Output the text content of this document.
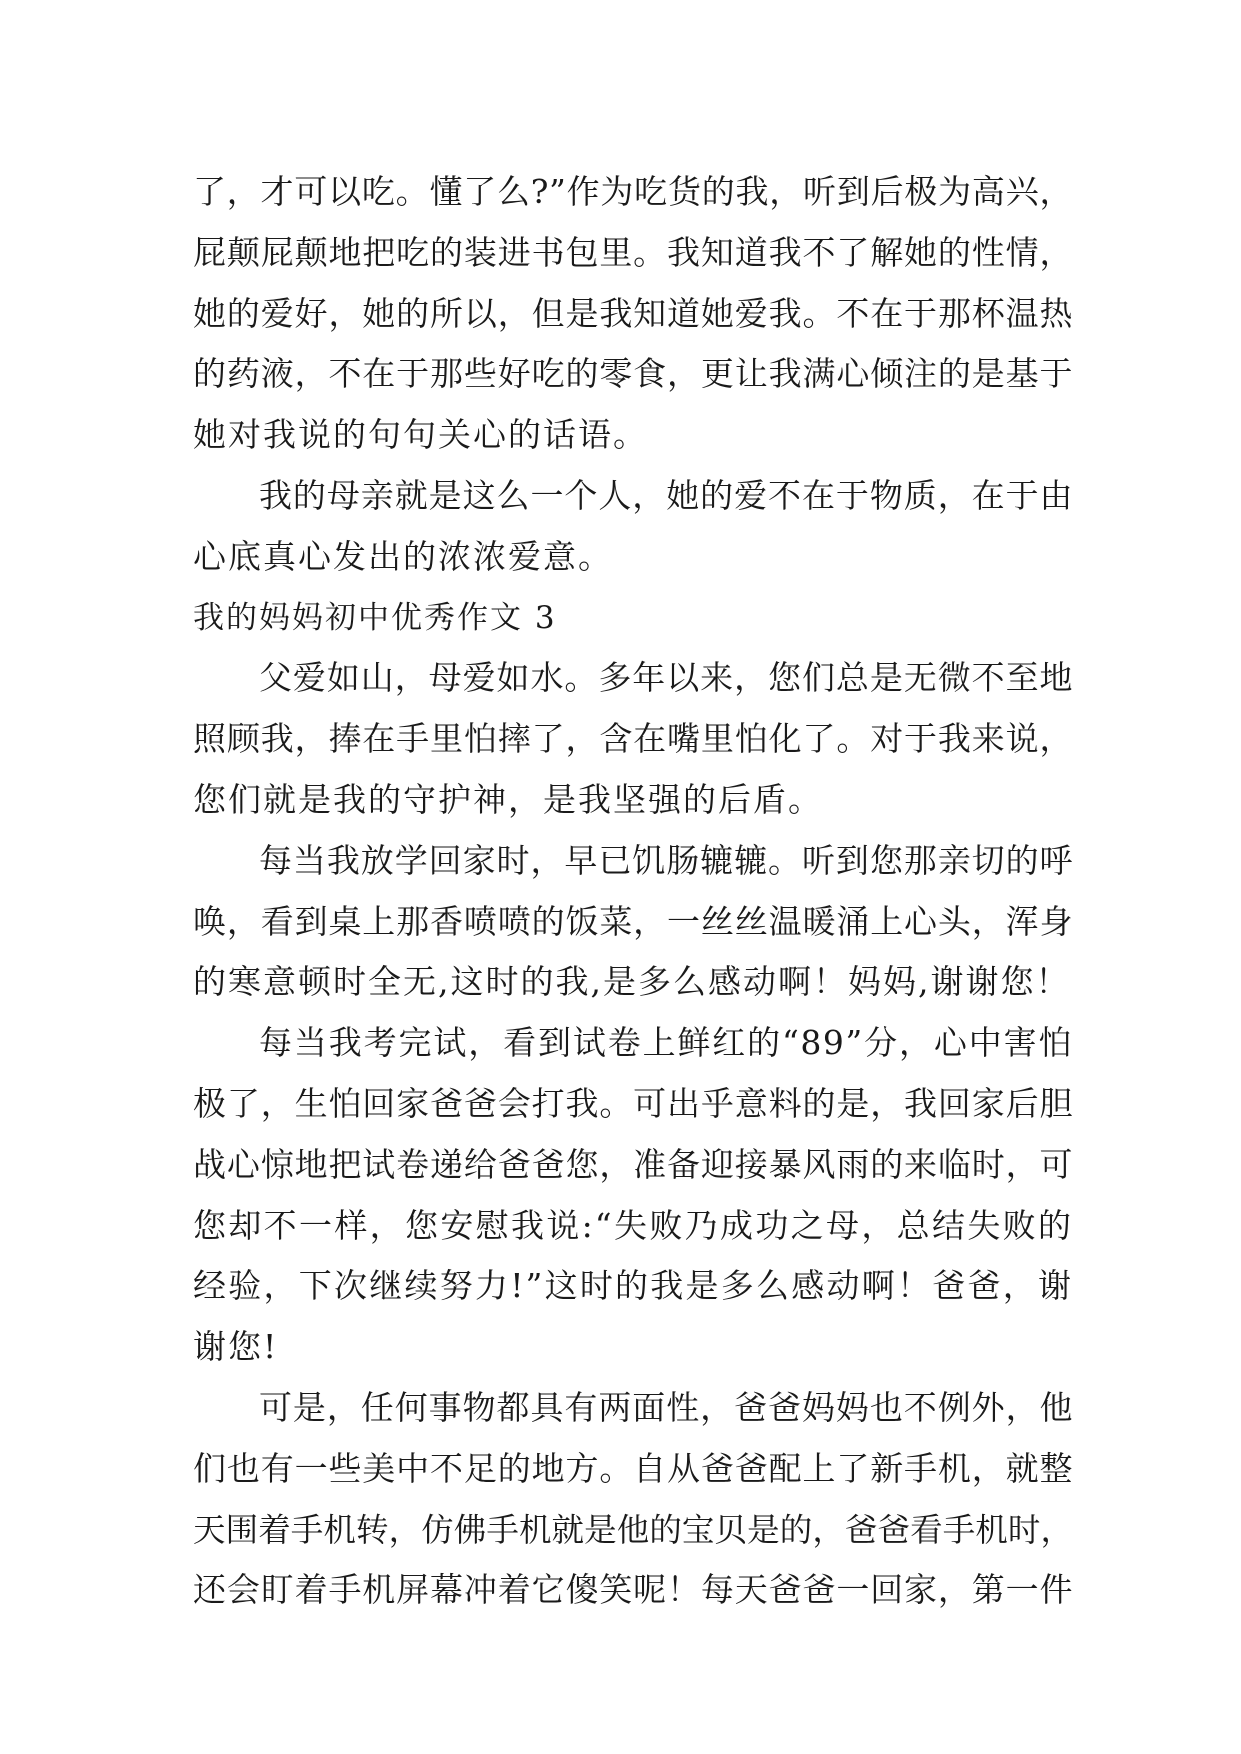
了，才可以吃。懂了么?”作为吃货的我，听到后极为高兴，
屁颠屁颠地把吃的装进书包里。我知道我不了解她的性情，
她的爱好，她的所以，但是我知道她爱我。不在于那杯温热
的药液，不在于那些好吃的零食，更让我满心倾注的是基于
她对我说的句句关心的话语。
我的母亲就是这么一个人，她的爱不在于物质，在于由
心底真心发出的浓浓爱意。
我的妈妈初中优秀作文 3
父爱如山，母爱如水。多年以来，您们总是无微不至地
照顾我，捧在手里怕摔了，含在嘴里怕化了。对于我来说，
您们就是我的守护神，是我坚强的后盾。
每当我放学回家时，早已饥肠辘辘。听到您那亲切的呼
唤，看到桌上那香喷喷的饭菜，一丝丝温暖涌上心头，浑身
的寒意顿时全无,这时的我,是多么感动啊！妈妈,谢谢您！
每当我考完试，看到试卷上鲜红的“89”分，心中害怕
极了，生怕回家爸爸会打我。可出乎意料的是，我回家后胆
战心惊地把试卷递给爸爸您，准备迎接暴风雨的来临时，可
您却不一样，您安慰我说:“失败乃成功之母，总结失败的
经验，下次继续努力!”这时的我是多么感动啊！爸爸，谢
谢您!
可是，任何事物都具有两面性，爸爸妈妈也不例外，他
们也有一些美中不足的地方。自从爸爸配上了新手机，就整
天围着手机转，仿佛手机就是他的宝贝是的，爸爸看手机时，
还会盯着手机屏幕冲着它傻笑呢！每天爸爸一回家，第一件
